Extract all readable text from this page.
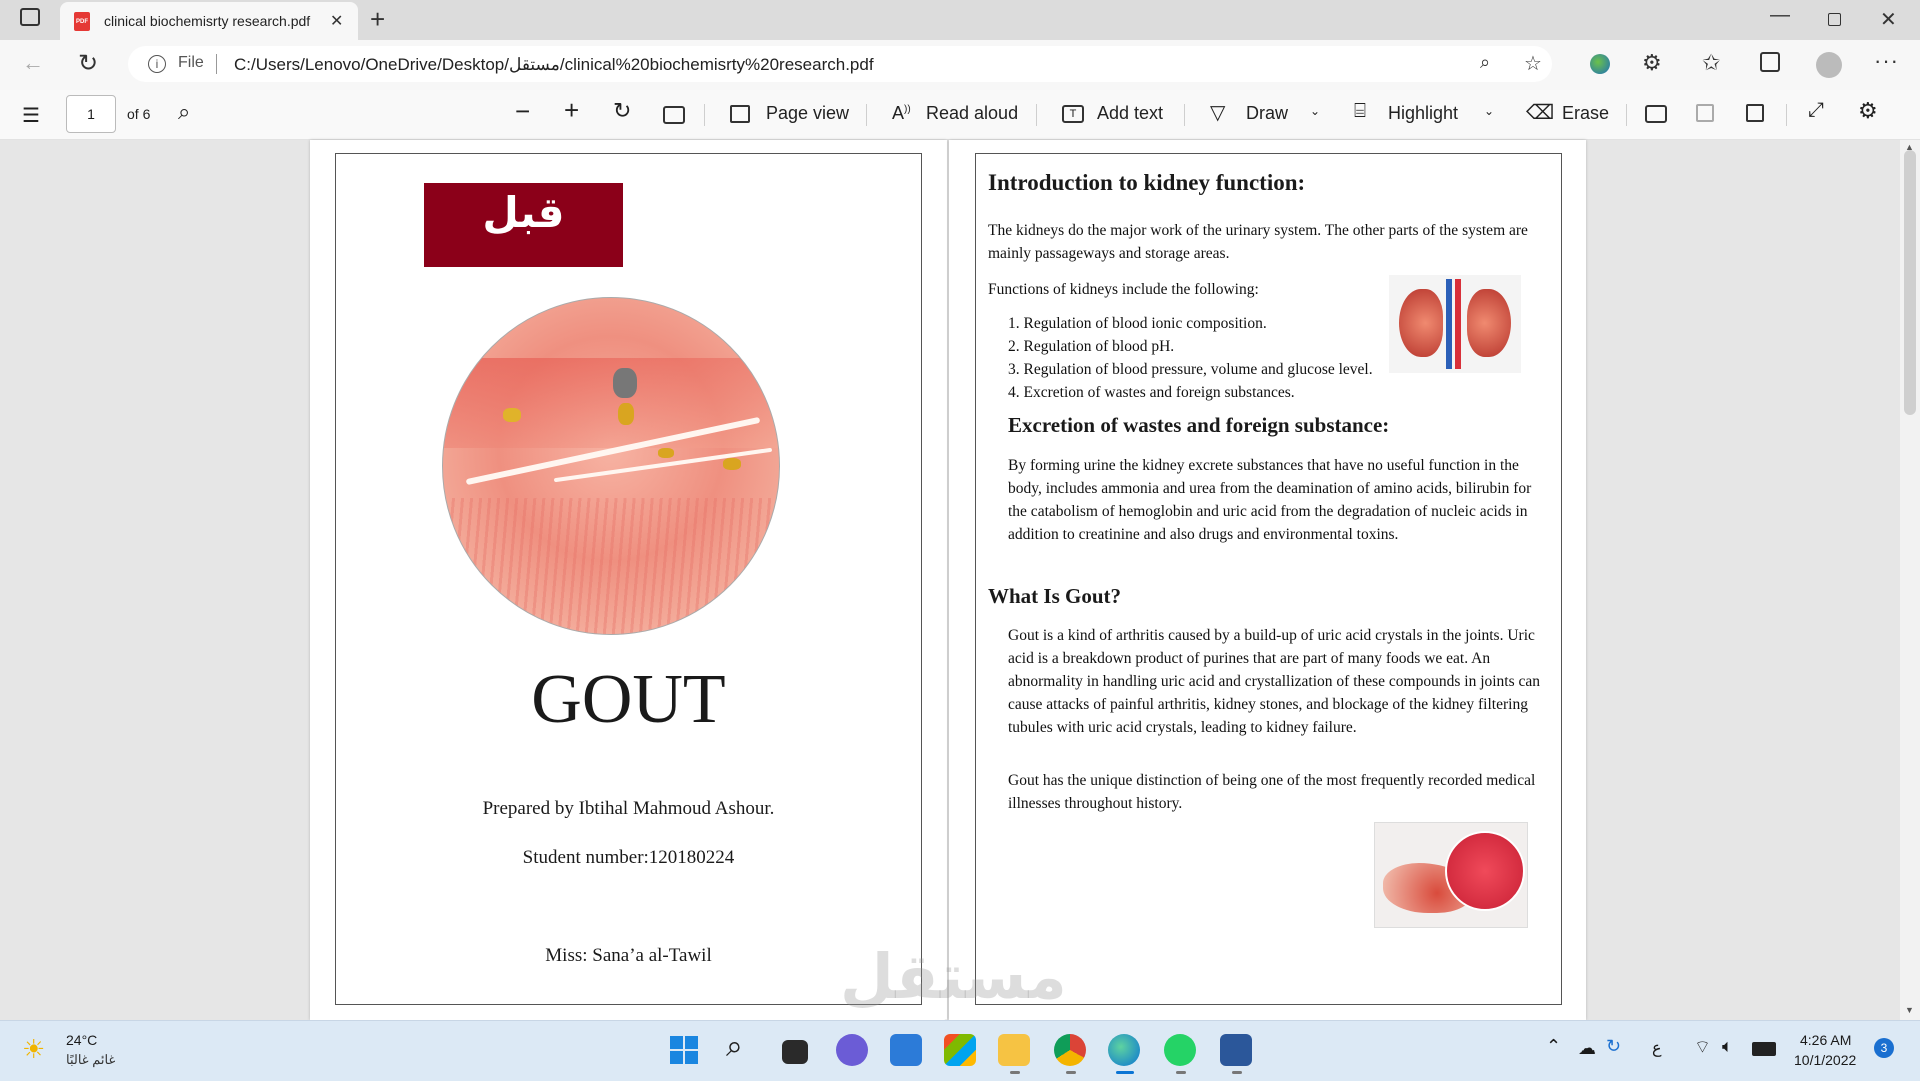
PDF clinical biochemisrty research.pdf	✕ +	—	✕
← ↻	i	File C:/Users/Lenovo/OneDrive/Desktop/مستقل/clinical%20biochemisrty%20research.pdf	⌕ ☆	⚙ ✩	···
☰	of 6 ⌕	− + ↻	Page view A)) Read aloud	T	Add text ▽ Draw ⌄ ⌸ Highlight ⌄ ⌫ Erase	⤢ ⚙
1
▲
▼
قبل
GOUT
Prepared by Ibtihal Mahmoud Ashour.
Student number:120180224
Miss: Sana’a al-Tawil
Introduction to kidney function:
The kidneys do the major work of the urinary system. The other parts of the system are mainly passageways and storage areas.
Functions of kidneys include the following:
1. Regulation of blood ionic composition.
2. Regulation of blood pH.
3. Regulation of blood pressure, volume and glucose level.
4. Excretion of wastes and foreign substances.
Excretion of wastes and foreign substance:
By forming urine the kidney excrete substances that have no useful function in the body, includes ammonia and urea from the deamination of amino acids, bilirubin for the catabolism of hemoglobin and uric acid from the degradation of nucleic acids in addition to creatinine and also drugs and environmental toxins.
What Is Gout?
Gout is a kind of arthritis caused by a build-up of uric acid crystals in the joints. Uric acid is a breakdown product of purines that are part of many foods we eat. An abnormality in handling uric acid and crystallization of these compounds in joints can cause attacks of painful arthritis, kidney stones, and blockage of the kidney filtering tubules with uric acid crystals, leading to kidney failure.
Gout has the unique distinction of being one of the most frequently recorded medical illnesses throughout history.
مستقل
☀ 24°C
غائم غالبًا	⌕	⌃ ☁ ↻ ع ⌔ 🔈︎	4:26 AM
10/1/2022
3
